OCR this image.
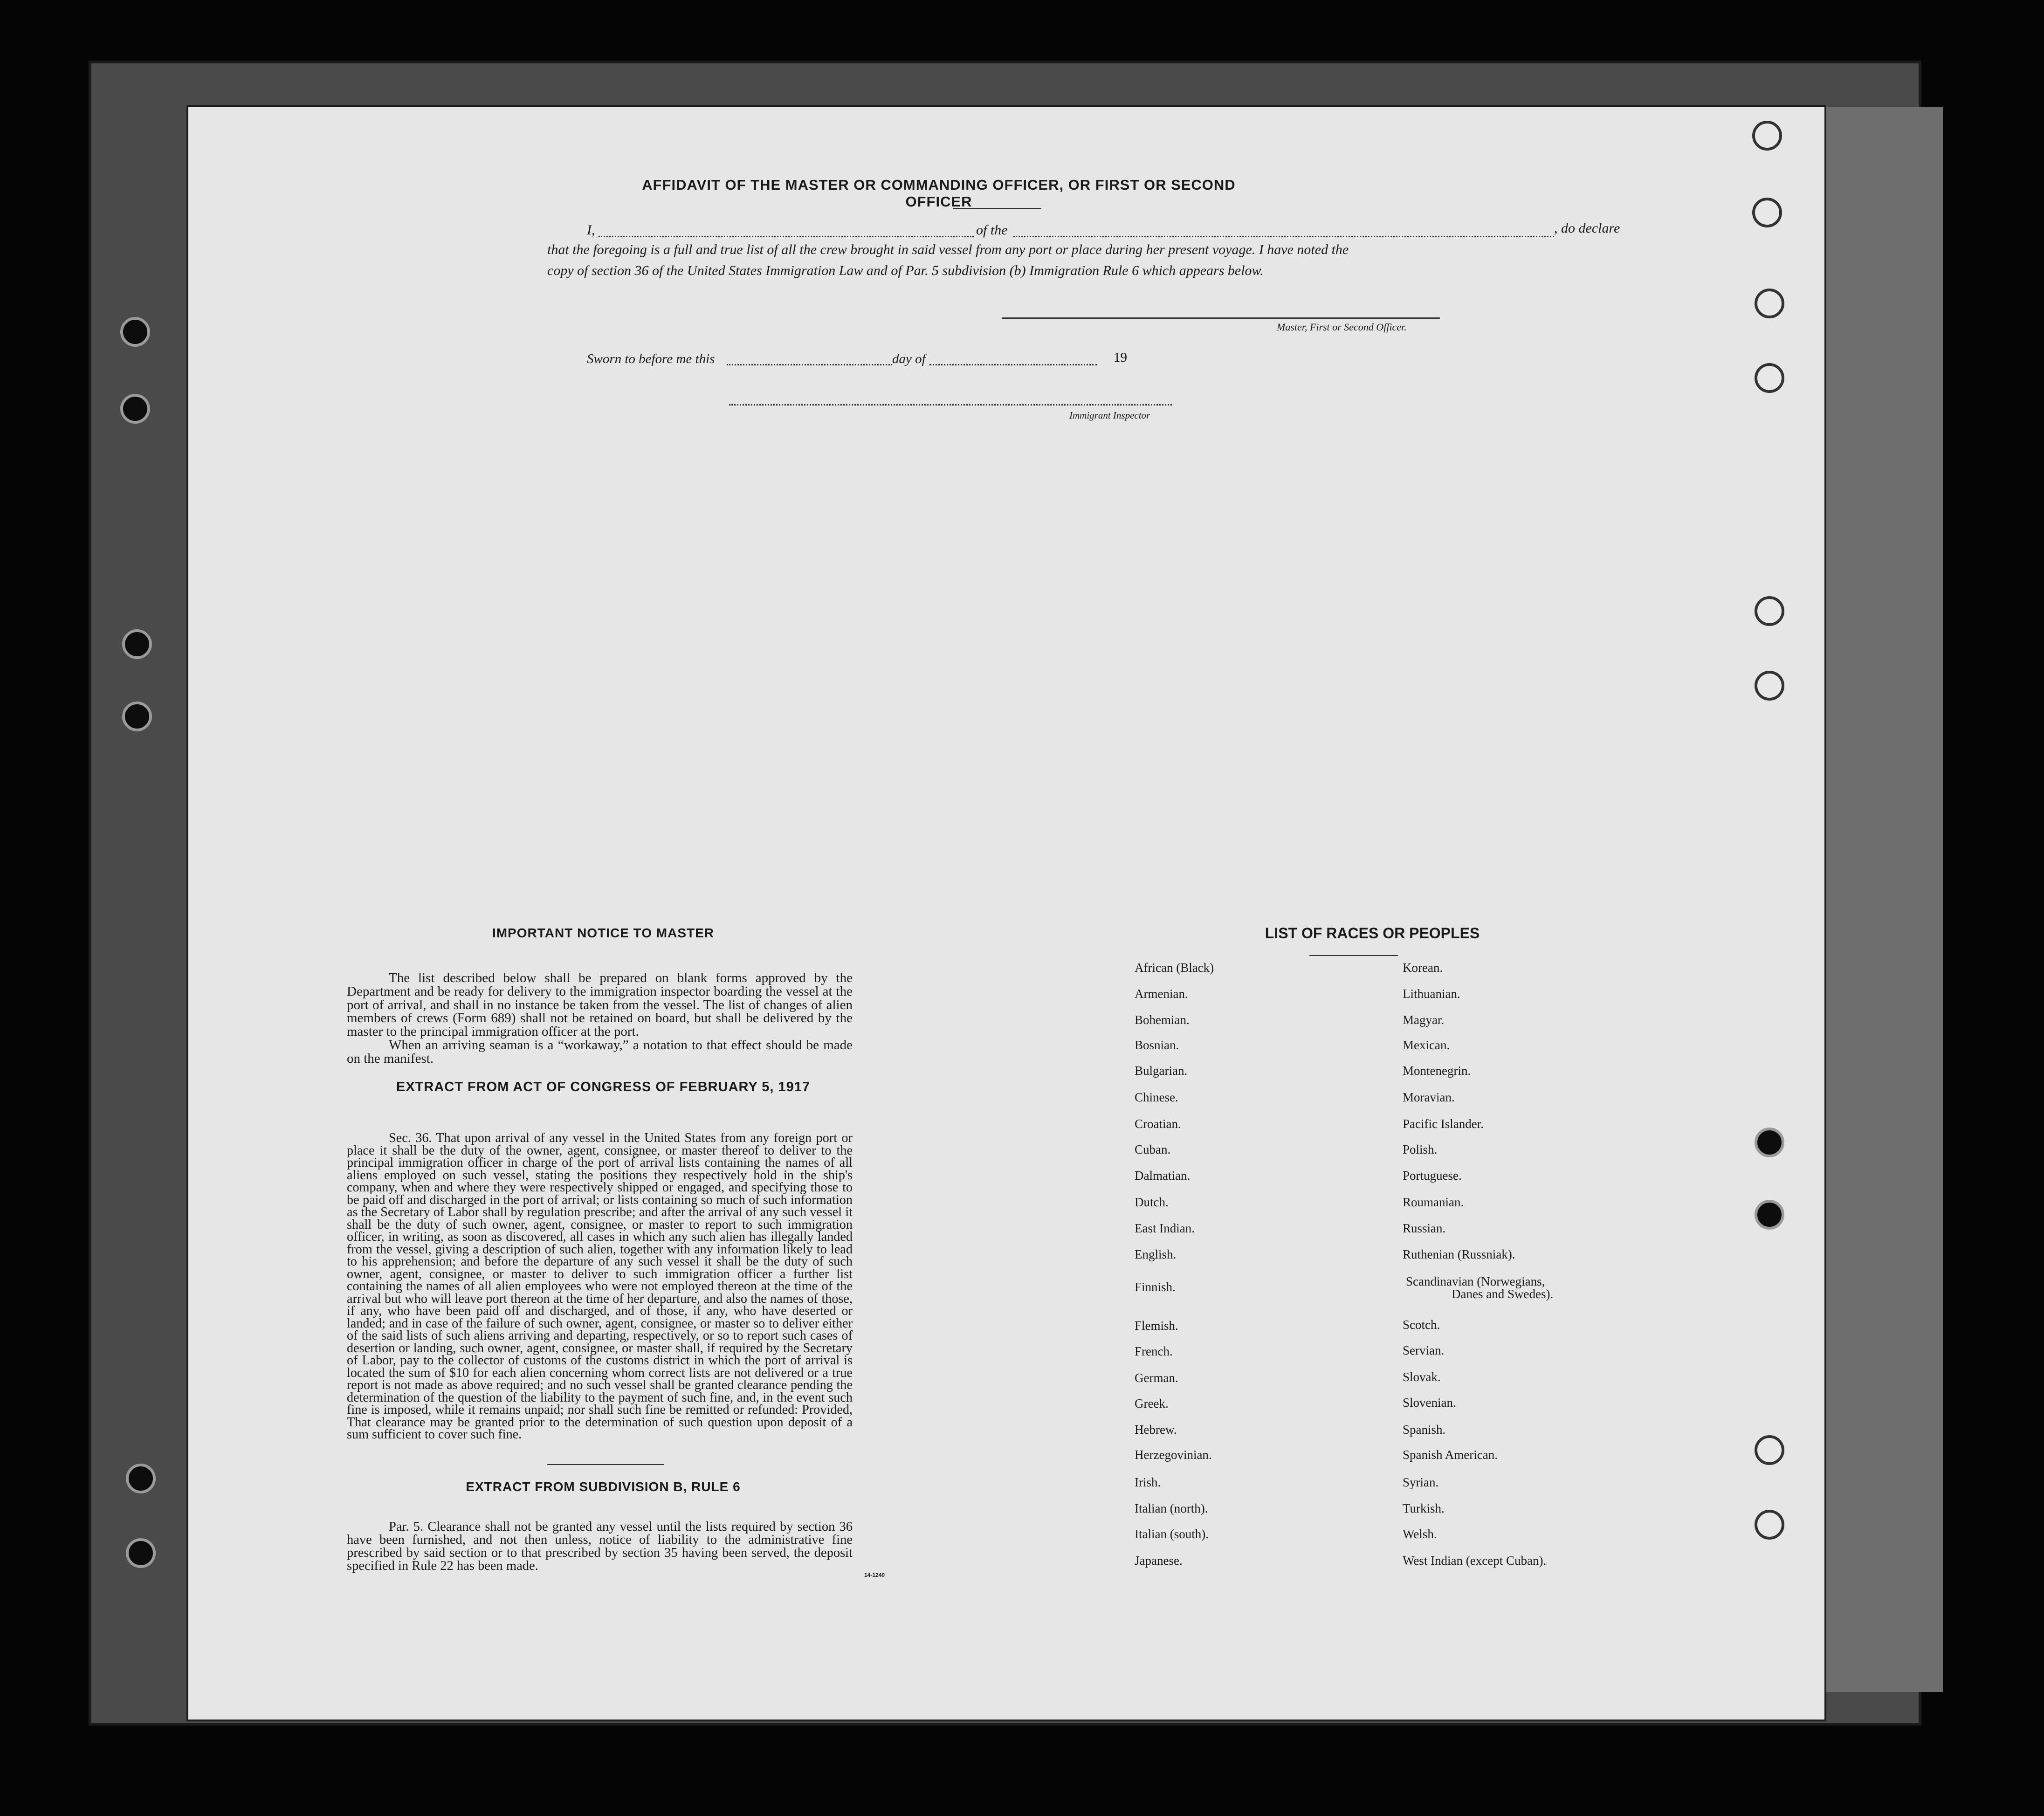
AFFIDAVIT OF THE MASTER OR COMMANDING OFFICER, OR FIRST OR SECOND OFFICER
I,	of the	, do declare
that the foregoing is a full and true list of all the crew brought in said vessel from any port or place during her present voyage. I have noted the
copy of section 36 of the United States Immigration Law and of Par. 5 subdivision (b) Immigration Rule 6 which appears below.
Master, First or Second Officer.
Sworn to before me this	day of	19
Immigrant Inspector
IMPORTANT NOTICE TO MASTER
The list described below shall be prepared on blank forms approved by the Department and be ready for delivery to the immigration inspector boarding the vessel at the port of arrival, and shall in no instance be taken from the vessel. The list of changes of alien members of crews (Form 689) shall not be retained on board, but shall be delivered by the master to the principal immigration officer at the port.
When an arriving seaman is a “workaway,” a notation to that effect should be made on the manifest.
EXTRACT FROM ACT OF CONGRESS OF FEBRUARY 5, 1917
Sec. 36. That upon arrival of any vessel in the United States from any foreign port or place it shall be the duty of the owner, agent, consignee, or master thereof to deliver to the principal immigration officer in charge of the port of arrival lists containing the names of all aliens employed on such vessel, stating the positions they respectively hold in the ship's company, when and where they were respectively shipped or engaged, and specifying those to be paid off and discharged in the port of arrival; or lists containing so much of such information as the Secretary of Labor shall by regulation prescribe; and after the arrival of any such vessel it shall be the duty of such owner, agent, consignee, or master to report to such immigration officer, in writing, as soon as discovered, all cases in which any such alien has illegally landed from the vessel, giving a description of such alien, together with any information likely to lead to his apprehension; and before the departure of any such vessel it shall be the duty of such owner, agent, consignee, or master to deliver to such immigration officer a further list containing the names of all alien employees who were not employed thereon at the time of the arrival but who will leave port thereon at the time of her departure, and also the names of those, if any, who have been paid off and discharged, and of those, if any, who have deserted or landed; and in case of the failure of such owner, agent, consignee, or master so to deliver either of the said lists of such aliens arriving and departing, respectively, or so to report such cases of desertion or landing, such owner, agent, consignee, or master shall, if required by the Secretary of Labor, pay to the collector of customs of the customs district in which the port of arrival is located the sum of $10 for each alien concerning whom correct lists are not delivered or a true report is not made as above required; and no such vessel shall be granted clearance pending the determination of the question of the liability to the payment of such fine, and, in the event such fine is imposed, while it remains unpaid; nor shall such fine be remitted or refunded: Provided, That clearance may be granted prior to the determination of such question upon deposit of a sum sufficient to cover such fine.
EXTRACT FROM SUBDIVISION B, RULE 6
Par. 5. Clearance shall not be granted any vessel until the lists required by section 36 have been furnished, and not then unless, notice of liability to the administrative fine prescribed by said section or to that prescribed by section 35 having been served, the deposit specified in Rule 22 has been made.
14-1240
LIST OF RACES OR PEOPLES
African (Black)
Armenian.
Bohemian.
Bosnian.
Bulgarian.
Chinese.
Croatian.
Cuban.
Dalmatian.
Dutch.
East Indian.
English.
Finnish.
Flemish.
French.
German.
Greek.
Hebrew.
Herzegovinian.
Irish.
Italian (north).
Italian (south).
Japanese.
Korean.
Lithuanian.
Magyar.
Mexican.
Montenegrin.
Moravian.
Pacific Islander.
Polish.
Portuguese.
Roumanian.
Russian.
Ruthenian (Russniak).
Scandinavian (Norwegians,
Scotch.
Servian.
Slovak.
Slovenian.
Spanish.
Spanish American.
Syrian.
Turkish.
Welsh.
West Indian (except Cuban).
Danes and Swedes).
